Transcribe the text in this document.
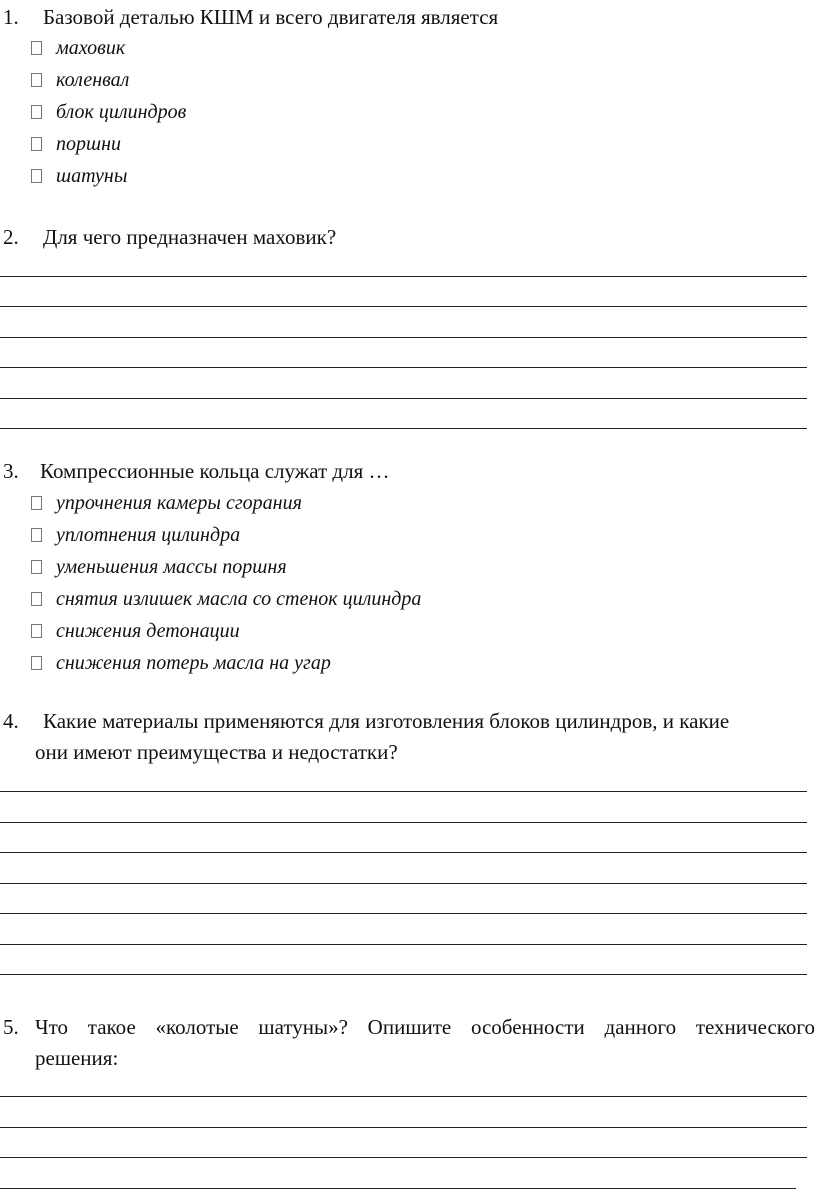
1. Базовой деталью КШМ и всего двигателя является
маховик
коленвал
блок цилиндров
поршни
шатуны
2. Для чего предназначен маховик?
3. Компрессионные кольца служат для …
упрочнения камеры сгорания
уплотнения цилиндра
уменьшения массы поршня
снятия излишек масла со стенок цилиндра
снижения детонации
снижения потерь масла на угар
4. Какие материалы применяются для изготовления блоков цилиндров, и какие
они имеют преимущества и недостатки?
5. Что такое «колотые шатуны»? Опишите особенности данного технического
решения:
